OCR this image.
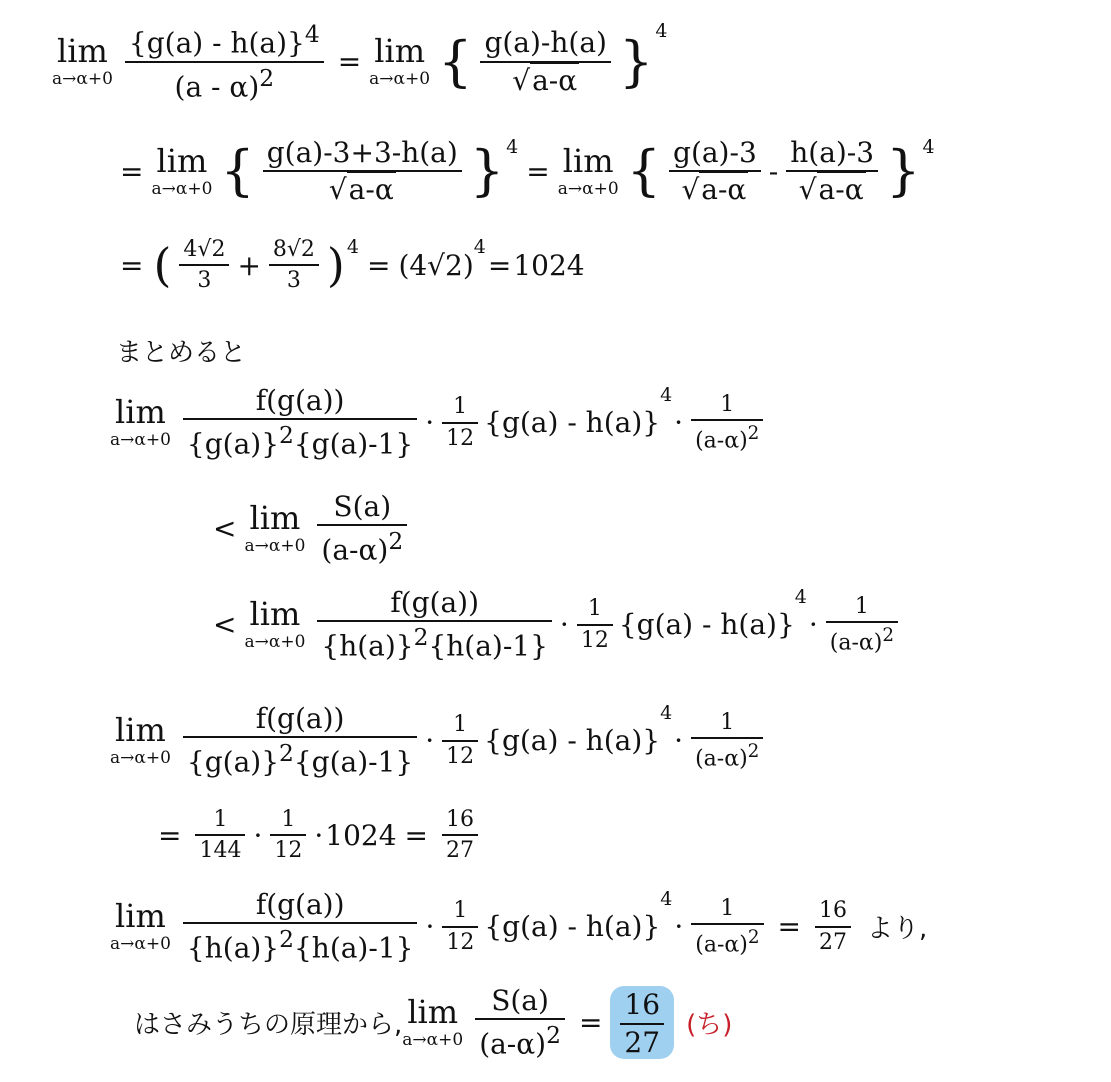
lim
$a\to\alpha+0 \frac{\{g(a) - h(a)\}^4}{(a - \alpha)^2} = \lim$
a→α+0 { $\frac{g(a)-h(a)}{√a-\alpha}$ } 4
= lim
a→α+0 { $\frac{g(a)-3+3-h(a)}{√a-\alpha}$ } 4
= lim
a→α+0 { $\frac{g(a)-3}{√a-\alpha} - \frac{h(a)-3}{√a-\alpha}$ } 4
= ( $\frac{4√2}{3} + \frac{8√2}{3}$ ) 4
= (4√2)
4
= 1024
まとめると
lim
$a\to\alpha+0 \frac{f(g(a))}{\{g(a)\}^2\{g(a)-1\}} \cdot \frac{1}{12} \{g(a) - h(a)\}$
4
· $\frac{1}{(a-\alpha)^2}$
< lim
$a\to\alpha+0 \frac{S(a)}{(a-\alpha)^2}$
< lim
$a\to\alpha+0 \frac{f(g(a))}{\{h(a)\}^2\{h(a)-1\}} \cdot \frac{1}{12} \{g(a) - h(a)\}$
4
· $\frac{1}{(a-\alpha)^2}$
lim
$a\to\alpha+0 \frac{f(g(a))}{\{g(a)\}^2\{g(a)-1\}} \cdot \frac{1}{12} \{g(a) - h(a)\}$
4
· $\frac{1}{(a-\alpha)^2}$
= $\frac{1}{144} \cdot \frac{1}{12} \cdot 1024 = \frac{16}{27}$
lim
$a\to\alpha+0 \frac{f(g(a))}{\{h(a)\}^2\{h(a)-1\}} \cdot \frac{1}{12} \{g(a) - h(a)\}$
4
· $\frac{1}{(a-\alpha)^2} = \frac{16}{27}$ より,
はさみうちの原理から, lim
$a\to\alpha+0 \frac{S(a)}{(a-\alpha)^2} = \frac{16}{27}$ (ち)
